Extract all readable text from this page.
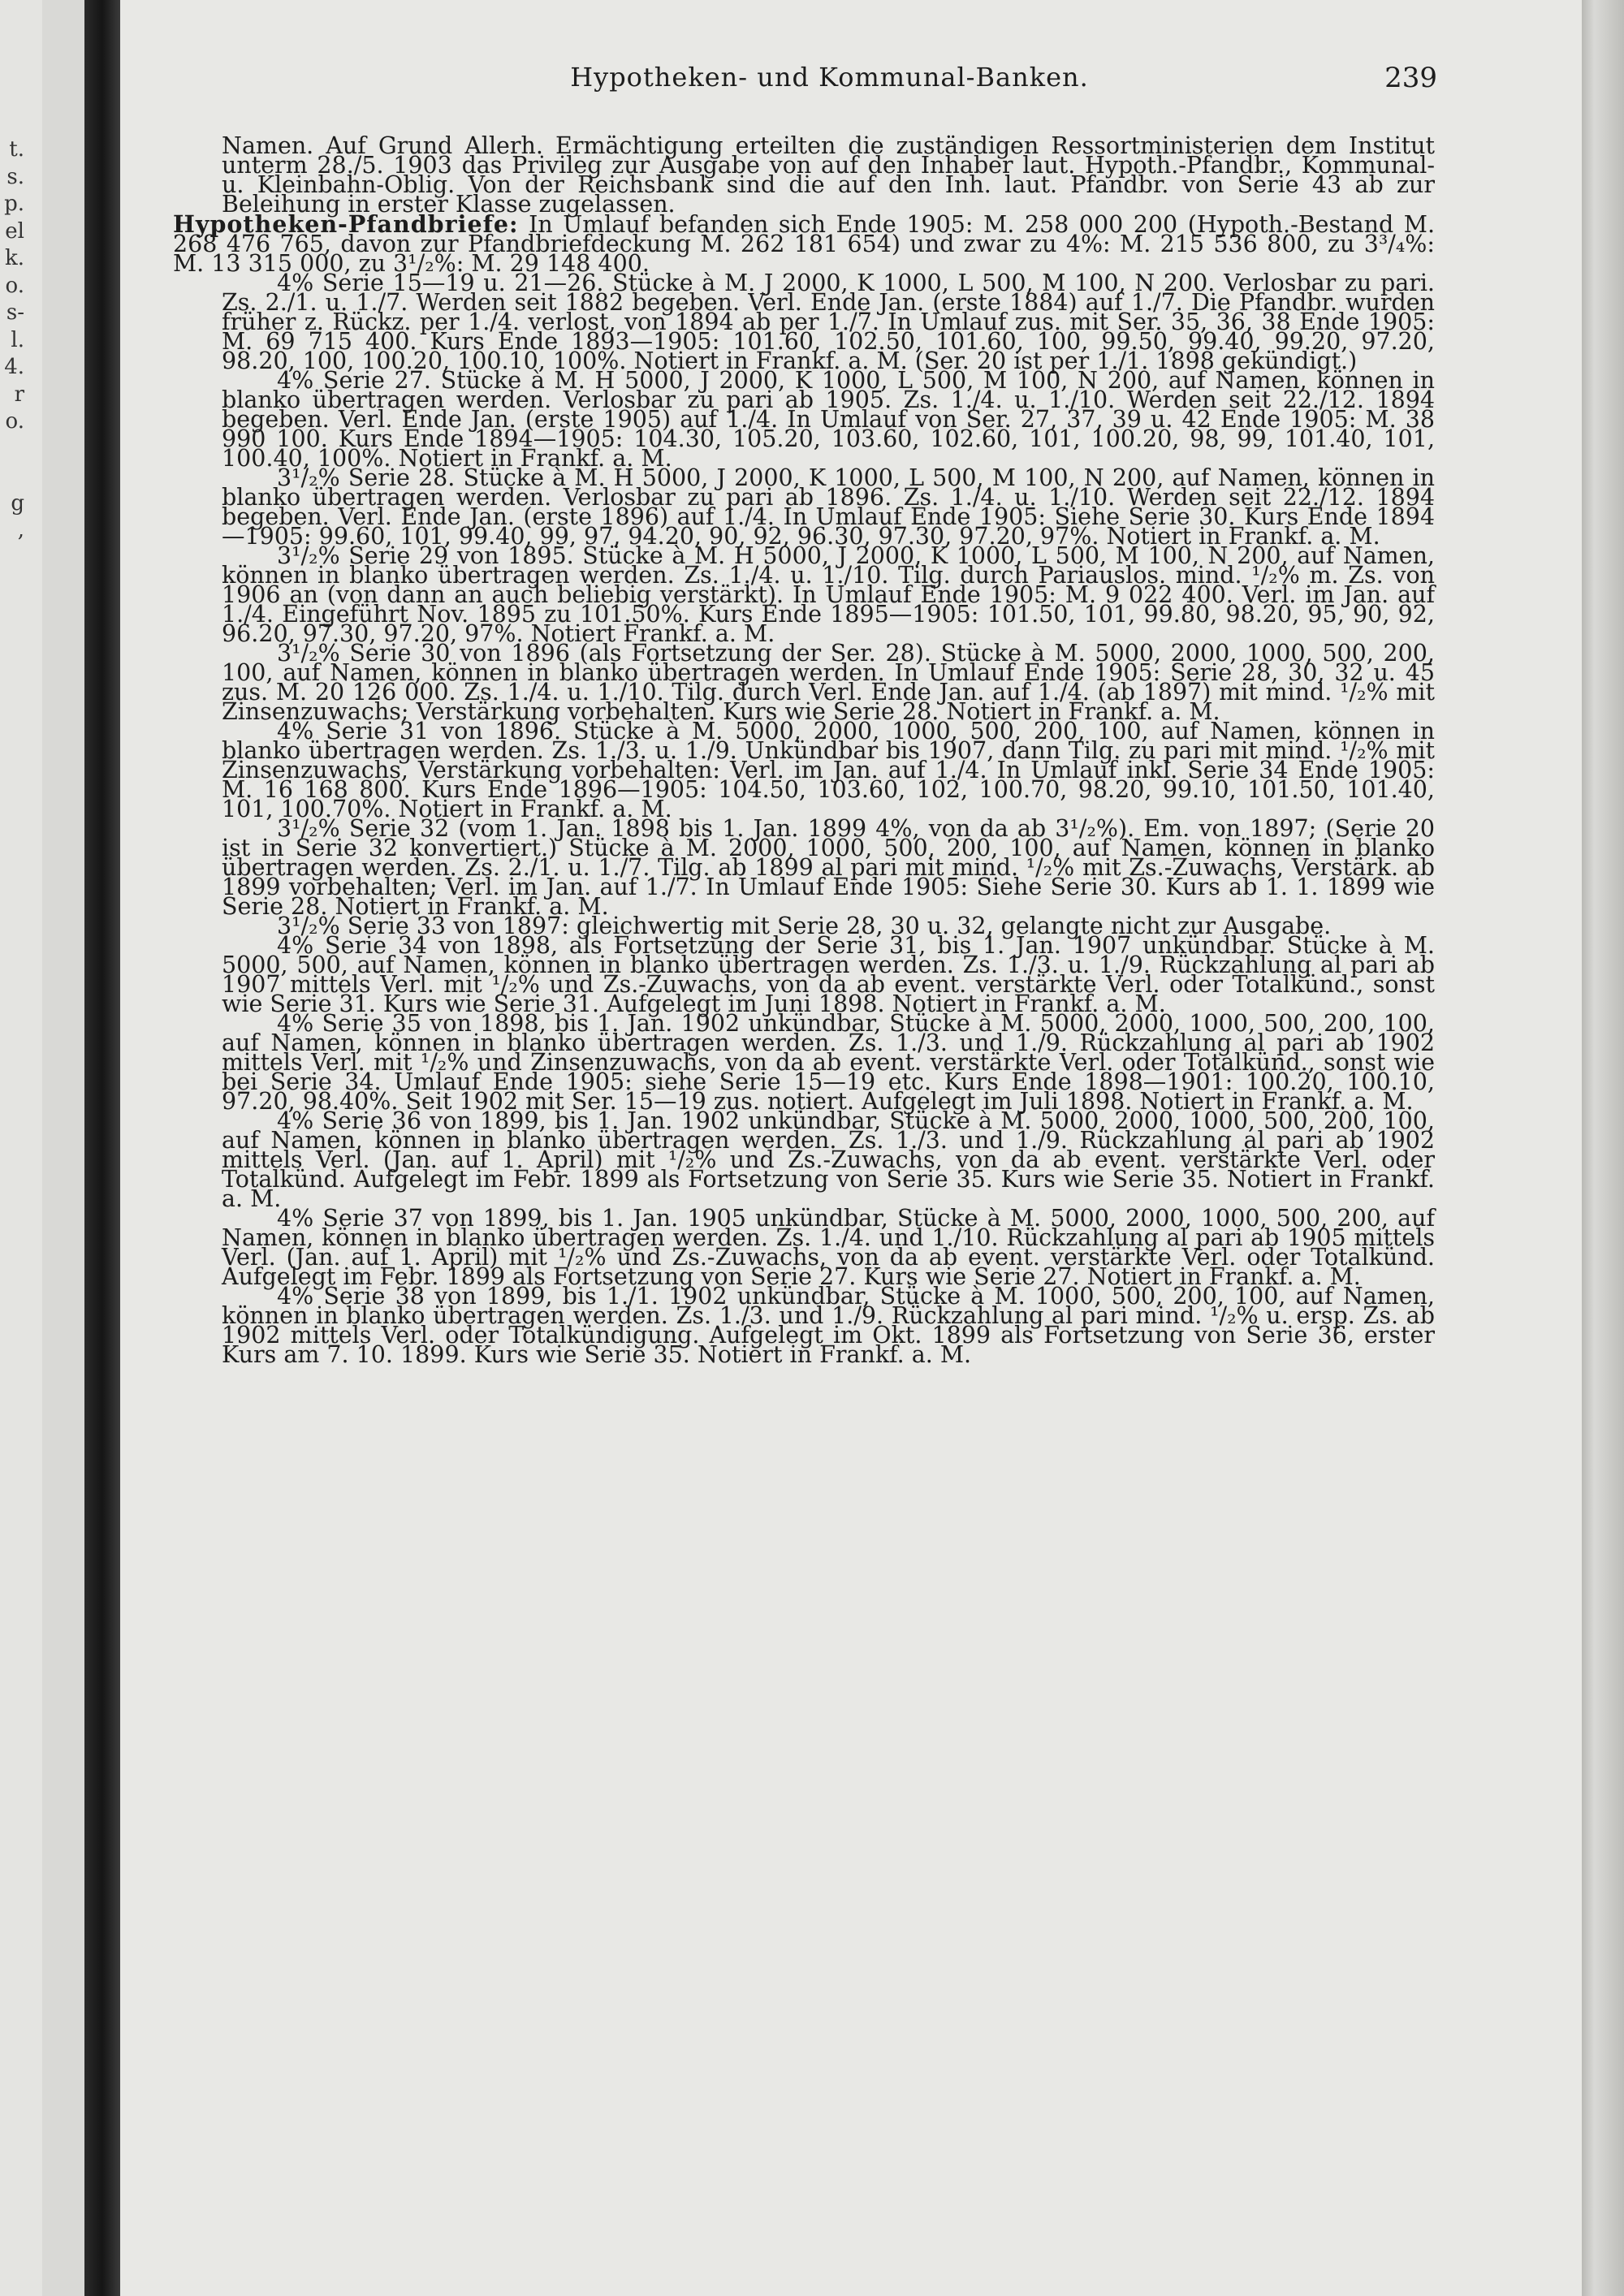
t.
s.
p.
el
k.
o.
s-
l.
4.
r
o.

g
,
Hypotheken- und Kommunal-Banken.	239

Namen. Auf Grund Allerh. Ermächtigung erteilten die zuständigen Ressortministerien dem Institut unterm 28./5. 1903 das Privileg zur Ausgabe von auf den Inhaber laut. Hypoth.-Pfandbr., Kommunal- u. Kleinbahn-Oblig. Von der Reichsbank sind die auf den Inh. laut. Pfandbr. von Serie 43 ab zur Beleihung in erster Klasse zugelassen.

Hypotheken-Pfandbriefe: In Umlauf befanden sich Ende 1905: M. 258 000 200 (Hypoth.-Bestand M. 268 476 765, davon zur Pfandbriefdeckung M. 262 181 654) und zwar zu 4%: M. 215 536 800, zu 3³/₄%: M. 13 315 000, zu 3¹/₂%: M. 29 148 400.

4% Serie 15—19 u. 21—26. Stücke à M. J 2000, K 1000, L 500, M 100, N 200. Verlosbar zu pari. Zs. 2./1. u. 1./7. Werden seit 1882 begeben. Verl. Ende Jan. (erste 1884) auf 1./7. Die Pfandbr. wurden früher z. Rückz. per 1./4. verlost, von 1894 ab per 1./7. In Umlauf zus. mit Ser. 35, 36, 38 Ende 1905: M. 69 715 400. Kurs Ende 1893—1905: 101.60, 102.50, 101.60, 100, 99.50, 99.40, 99.20, 97.20, 98.20, 100, 100.20, 100.10, 100%. Notiert in Frankf. a. M. (Ser. 20 ist per 1./1. 1898 gekündigt.)

4% Serie 27. Stücke à M. H 5000, J 2000, K 1000, L 500, M 100, N 200, auf Namen, können in blanko übertragen werden. Verlosbar zu pari ab 1905. Zs. 1./4. u. 1./10. Werden seit 22./12. 1894 begeben. Verl. Ende Jan. (erste 1905) auf 1./4. In Umlauf von Ser. 27, 37, 39 u. 42 Ende 1905: M. 38 990 100. Kurs Ende 1894—1905: 104.30, 105.20, 103.60, 102.60, 101, 100.20, 98, 99, 101.40, 101, 100.40, 100%. Notiert in Frankf. a. M.

3¹/₂% Serie 28. Stücke à M. H 5000, J 2000, K 1000, L 500, M 100, N 200, auf Namen, können in blanko übertragen werden. Verlosbar zu pari ab 1896. Zs. 1./4. u. 1./10. Werden seit 22./12. 1894 begeben. Verl. Ende Jan. (erste 1896) auf 1./4. In Umlauf Ende 1905: Siehe Serie 30. Kurs Ende 1894—1905: 99.60, 101, 99.40, 99, 97, 94.20, 90, 92, 96.30, 97.30, 97.20, 97%. Notiert in Frankf. a. M.

3¹/₂% Serie 29 von 1895. Stücke à M. H 5000, J 2000, K 1000, L 500, M 100, N 200, auf Namen, können in blanko übertragen werden. Zs. 1./4. u. 1./10. Tilg. durch Pariauslos. mind. ¹/₂% m. Zs. von 1906 an (von dann an auch beliebig verstärkt). In Umlauf Ende 1905: M. 9 022 400. Verl. im Jan. auf 1./4. Eingeführt Nov. 1895 zu 101.50%. Kurs Ende 1895—1905: 101.50, 101, 99.80, 98.20, 95, 90, 92, 96.20, 97.30, 97.20, 97%. Notiert Frankf. a. M.

3¹/₂% Serie 30 von 1896 (als Fortsetzung der Ser. 28). Stücke à M. 5000, 2000, 1000, 500, 200, 100, auf Namen, können in blanko übertragen werden. In Umlauf Ende 1905: Serie 28, 30, 32 u. 45 zus. M. 20 126 000. Zs. 1./4. u. 1./10. Tilg. durch Verl. Ende Jan. auf 1./4. (ab 1897) mit mind. ¹/₂% mit Zinsenzuwachs; Verstärkung vorbehalten. Kurs wie Serie 28. Notiert in Frankf. a. M.

4% Serie 31 von 1896. Stücke à M. 5000, 2000, 1000, 500, 200, 100, auf Namen, können in blanko übertragen werden. Zs. 1./3. u. 1./9. Unkündbar bis 1907, dann Tilg. zu pari mit mind. ¹/₂% mit Zinsenzuwachs, Verstärkung vorbehalten: Verl. im Jan. auf 1./4. In Umlauf inkl. Serie 34 Ende 1905: M. 16 168 800. Kurs Ende 1896—1905: 104.50, 103.60, 102, 100.70, 98.20, 99.10, 101.50, 101.40, 101, 100.70%. Notiert in Frankf. a. M.

3¹/₂% Serie 32 (vom 1. Jan. 1898 bis 1. Jan. 1899 4%, von da ab 3¹/₂%). Em. von 1897; (Serie 20 ist in Serie 32 konvertiert.) Stücke à M. 2000, 1000, 500, 200, 100, auf Namen, können in blanko übertragen werden. Zs. 2./1. u. 1./7. Tilg. ab 1899 al pari mit mind. ¹/₂% mit Zs.-Zuwachs, Verstärk. ab 1899 vorbehalten; Verl. im Jan. auf 1./7. In Umlauf Ende 1905: Siehe Serie 30. Kurs ab 1. 1. 1899 wie Serie 28. Notiert in Frankf. a. M.

3¹/₂% Serie 33 von 1897: gleichwertig mit Serie 28, 30 u. 32, gelangte nicht zur Ausgabe.

4% Serie 34 von 1898, als Fortsetzung der Serie 31, bis 1. Jan. 1907 unkündbar. Stücke à M. 5000, 500, auf Namen, können in blanko übertragen werden. Zs. 1./3. u. 1./9. Rückzahlung al pari ab 1907 mittels Verl. mit ¹/₂% und Zs.-Zuwachs, von da ab event. verstärkte Verl. oder Totalkünd., sonst wie Serie 31. Kurs wie Serie 31. Aufgelegt im Juni 1898. Notiert in Frankf. a. M.

4% Serie 35 von 1898, bis 1. Jan. 1902 unkündbar, Stücke à M. 5000, 2000, 1000, 500, 200, 100, auf Namen, können in blanko übertragen werden. Zs. 1./3. und 1./9. Rückzahlung al pari ab 1902 mittels Verl. mit ¹/₂% und Zinsenzuwachs, von da ab event. verstärkte Verl. oder Totalkünd., sonst wie bei Serie 34. Umlauf Ende 1905: siehe Serie 15—19 etc. Kurs Ende 1898—1901: 100.20, 100.10, 97.20, 98.40%. Seit 1902 mit Ser. 15—19 zus. notiert. Aufgelegt im Juli 1898. Notiert in Frankf. a. M.

4% Serie 36 von 1899, bis 1. Jan. 1902 unkündbar, Stücke à M. 5000, 2000, 1000, 500, 200, 100, auf Namen, können in blanko übertragen werden. Zs. 1./3. und 1./9. Rückzahlung al pari ab 1902 mittels Verl. (Jan. auf 1. April) mit ¹/₂% und Zs.-Zuwachs, von da ab event. verstärkte Verl. oder Totalkünd. Aufgelegt im Febr. 1899 als Fortsetzung von Serie 35. Kurs wie Serie 35. Notiert in Frankf. a. M.

4% Serie 37 von 1899, bis 1. Jan. 1905 unkündbar, Stücke à M. 5000, 2000, 1000, 500, 200, auf Namen, können in blanko übertragen werden. Zs. 1./4. und 1./10. Rückzahlung al pari ab 1905 mittels Verl. (Jan. auf 1. April) mit ¹/₂% und Zs.-Zuwachs, von da ab event. verstärkte Verl. oder Totalkünd. Aufgelegt im Febr. 1899 als Fortsetzung von Serie 27. Kurs wie Serie 27. Notiert in Frankf. a. M.

4% Serie 38 von 1899, bis 1./1. 1902 unkündbar, Stücke à M. 1000, 500, 200, 100, auf Namen, können in blanko übertragen werden. Zs. 1./3. und 1./9. Rückzahlung al pari mind. ¹/₂% u. ersp. Zs. ab 1902 mittels Verl. oder Totalkündigung. Aufgelegt im Okt. 1899 als Fortsetzung von Serie 36, erster Kurs am 7. 10. 1899. Kurs wie Serie 35. Notiert in Frankf. a. M.
